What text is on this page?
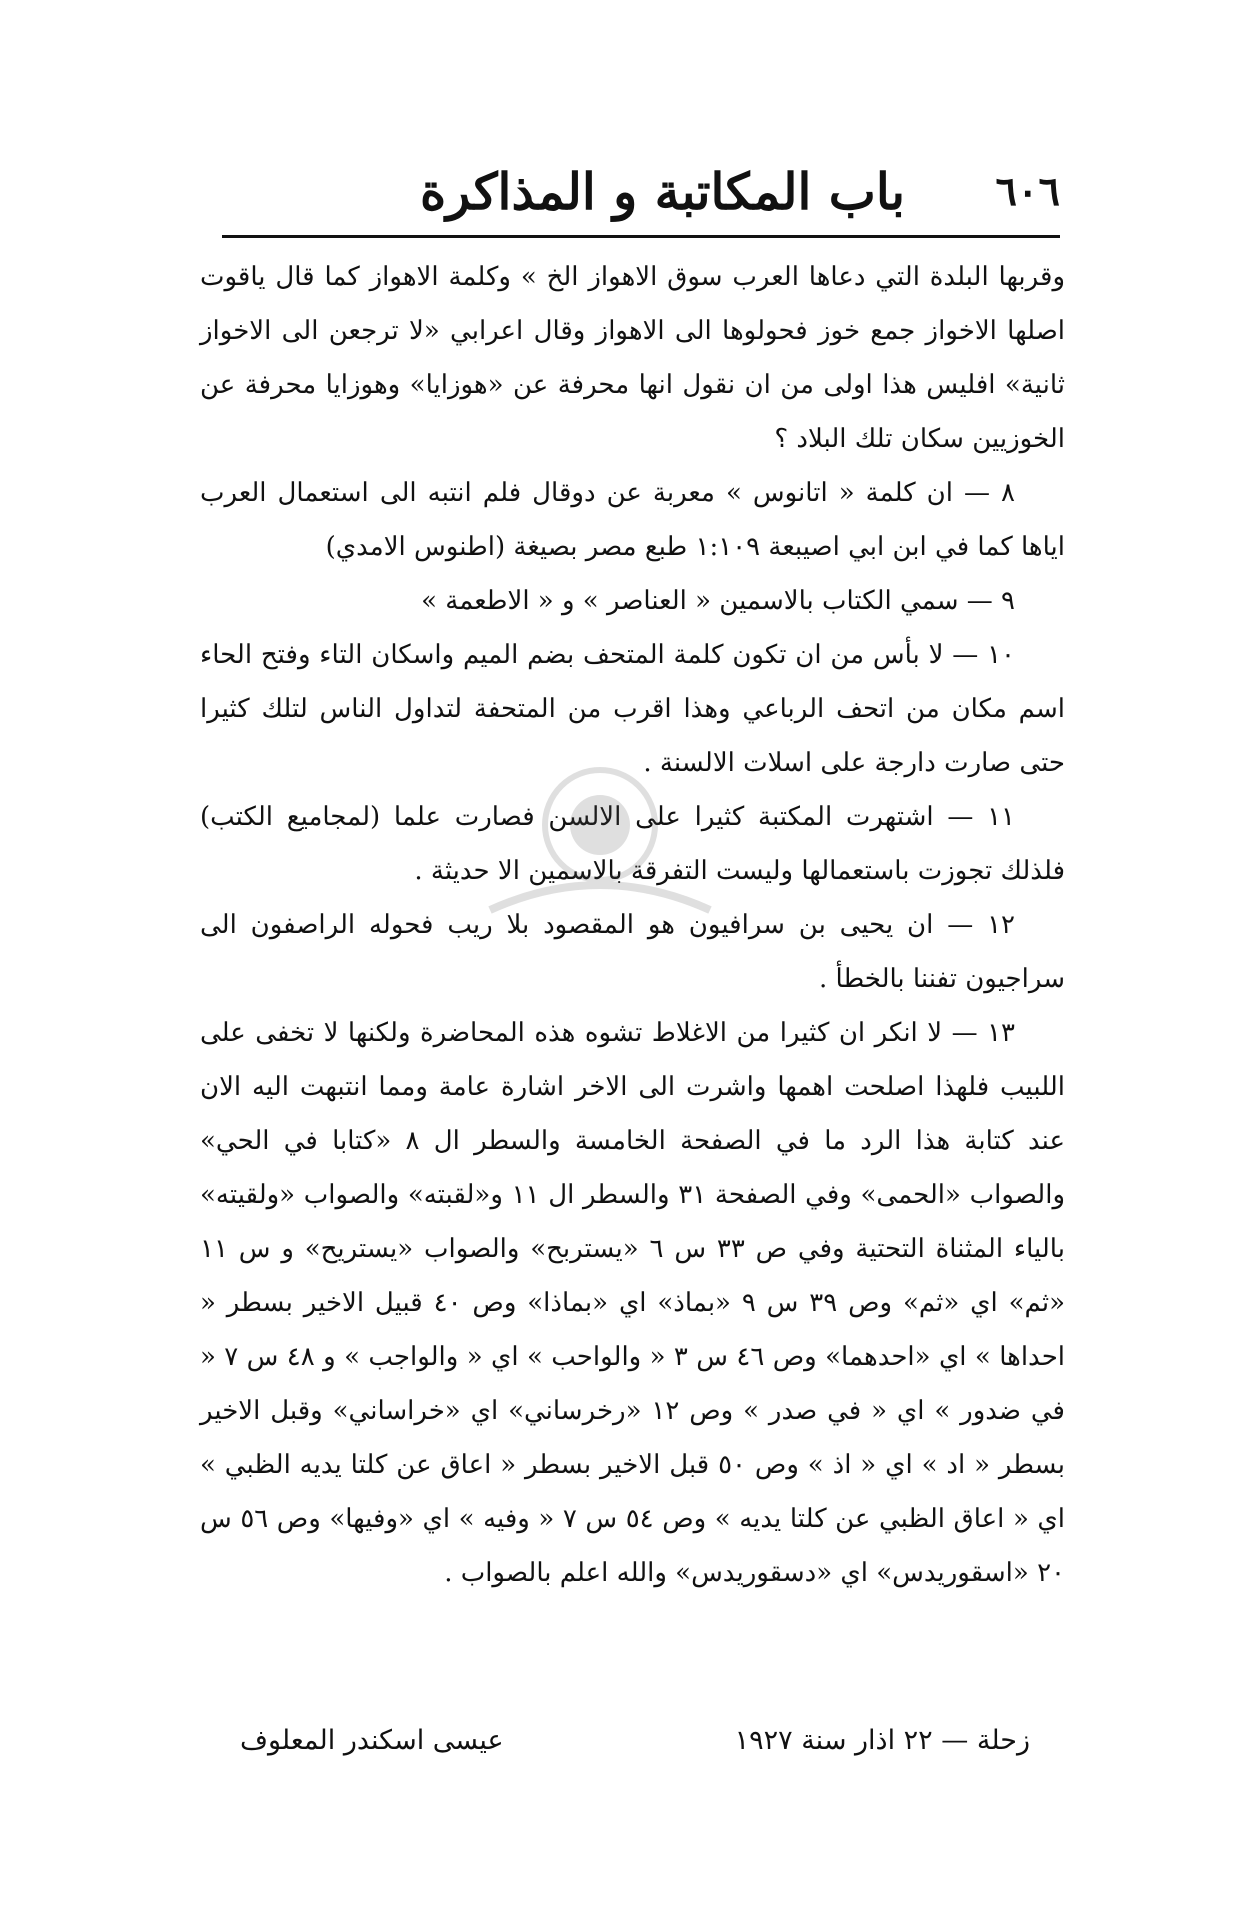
٦٠٦
باب المكاتبة و المذاكرة

وقربها البلدة التي دعاها العرب سوق الاهواز الخ » وكلمة الاهواز كما قال ياقوت اصلها الاخواز جمع خوز فحولوها الى الاهواز وقال اعرابي «لا ترجعن الى الاخواز ثانية» افليس هذا اولى من ان نقول انها محرفة عن «هوزايا» وهوزايا محرفة عن الخوزيين سكان تلك البلاد ؟

٨ — ان كلمة « اتانوس » معربة عن دوقال فلم انتبه الى استعمال العرب اياها كما في ابن ابي اصيبعة ١:١٠٩ طبع مصر بصيغة (اطنوس الامدي)

٩ — سمي الكتاب بالاسمين « العناصر » و « الاطعمة »

١٠ — لا بأس من ان تكون كلمة المتحف بضم الميم واسكان التاء وفتح الحاء اسم مكان من اتحف الرباعي وهذا اقرب من المتحفة لتداول الناس لتلك كثيرا حتى صارت دارجة على اسلات الالسنة .

١١ — اشتهرت المكتبة كثيرا على الالسن فصارت علما (لمجاميع الكتب) فلذلك تجوزت باستعمالها وليست التفرقة بالاسمين الا حديثة .

١٢ — ان يحيى بن سرافيون هو المقصود بلا ريب فحوله الراصفون الى سراجيون تفننا بالخطأ .

١٣ — لا انكر ان كثيرا من الاغلاط تشوه هذه المحاضرة ولكنها لا تخفى على اللبيب فلهذا اصلحت اهمها واشرت الى الاخر اشارة عامة ومما انتبهت اليه الان عند كتابة هذا الرد ما في الصفحة الخامسة والسطر ال ٨ «كتابا في الحي» والصواب «الحمى» وفي الصفحة ٣١ والسطر ال ١١ و«لقبته» والصواب «ولقيته» بالياء المثناة التحتية وفي ص ٣٣ س ٦ «يستربح» والصواب «يستريح» و س ١١ «ثم» اي «ثم» وص ٣٩ س ٩ «بماذ» اي «بماذا» وص ٤٠ قبيل الاخير بسطر « احداها » اي «احدهما» وص ٤٦ س ٣ « والواحب » اي « والواجب » و ٤٨ س ٧ « في ضدور » اي « في صدر » وص ١٢ «رخرساني» اي «خراساني» وقبل الاخير بسطر « اد » اي « اذ » وص ٥٠ قبل الاخير بسطر « اعاق عن كلتا يديه الظبي » اي « اعاق الظبي عن كلتا يديه » وص ٥٤ س ٧ « وفيه » اي «وفيها» وص ٥٦ س ٢٠ «اسقوريدس» اي «دسقوريدس» والله اعلم بالصواب .

زحلة — ٢٢ اذار سنة ١٩٢٧
عيسى اسكندر المعلوف
